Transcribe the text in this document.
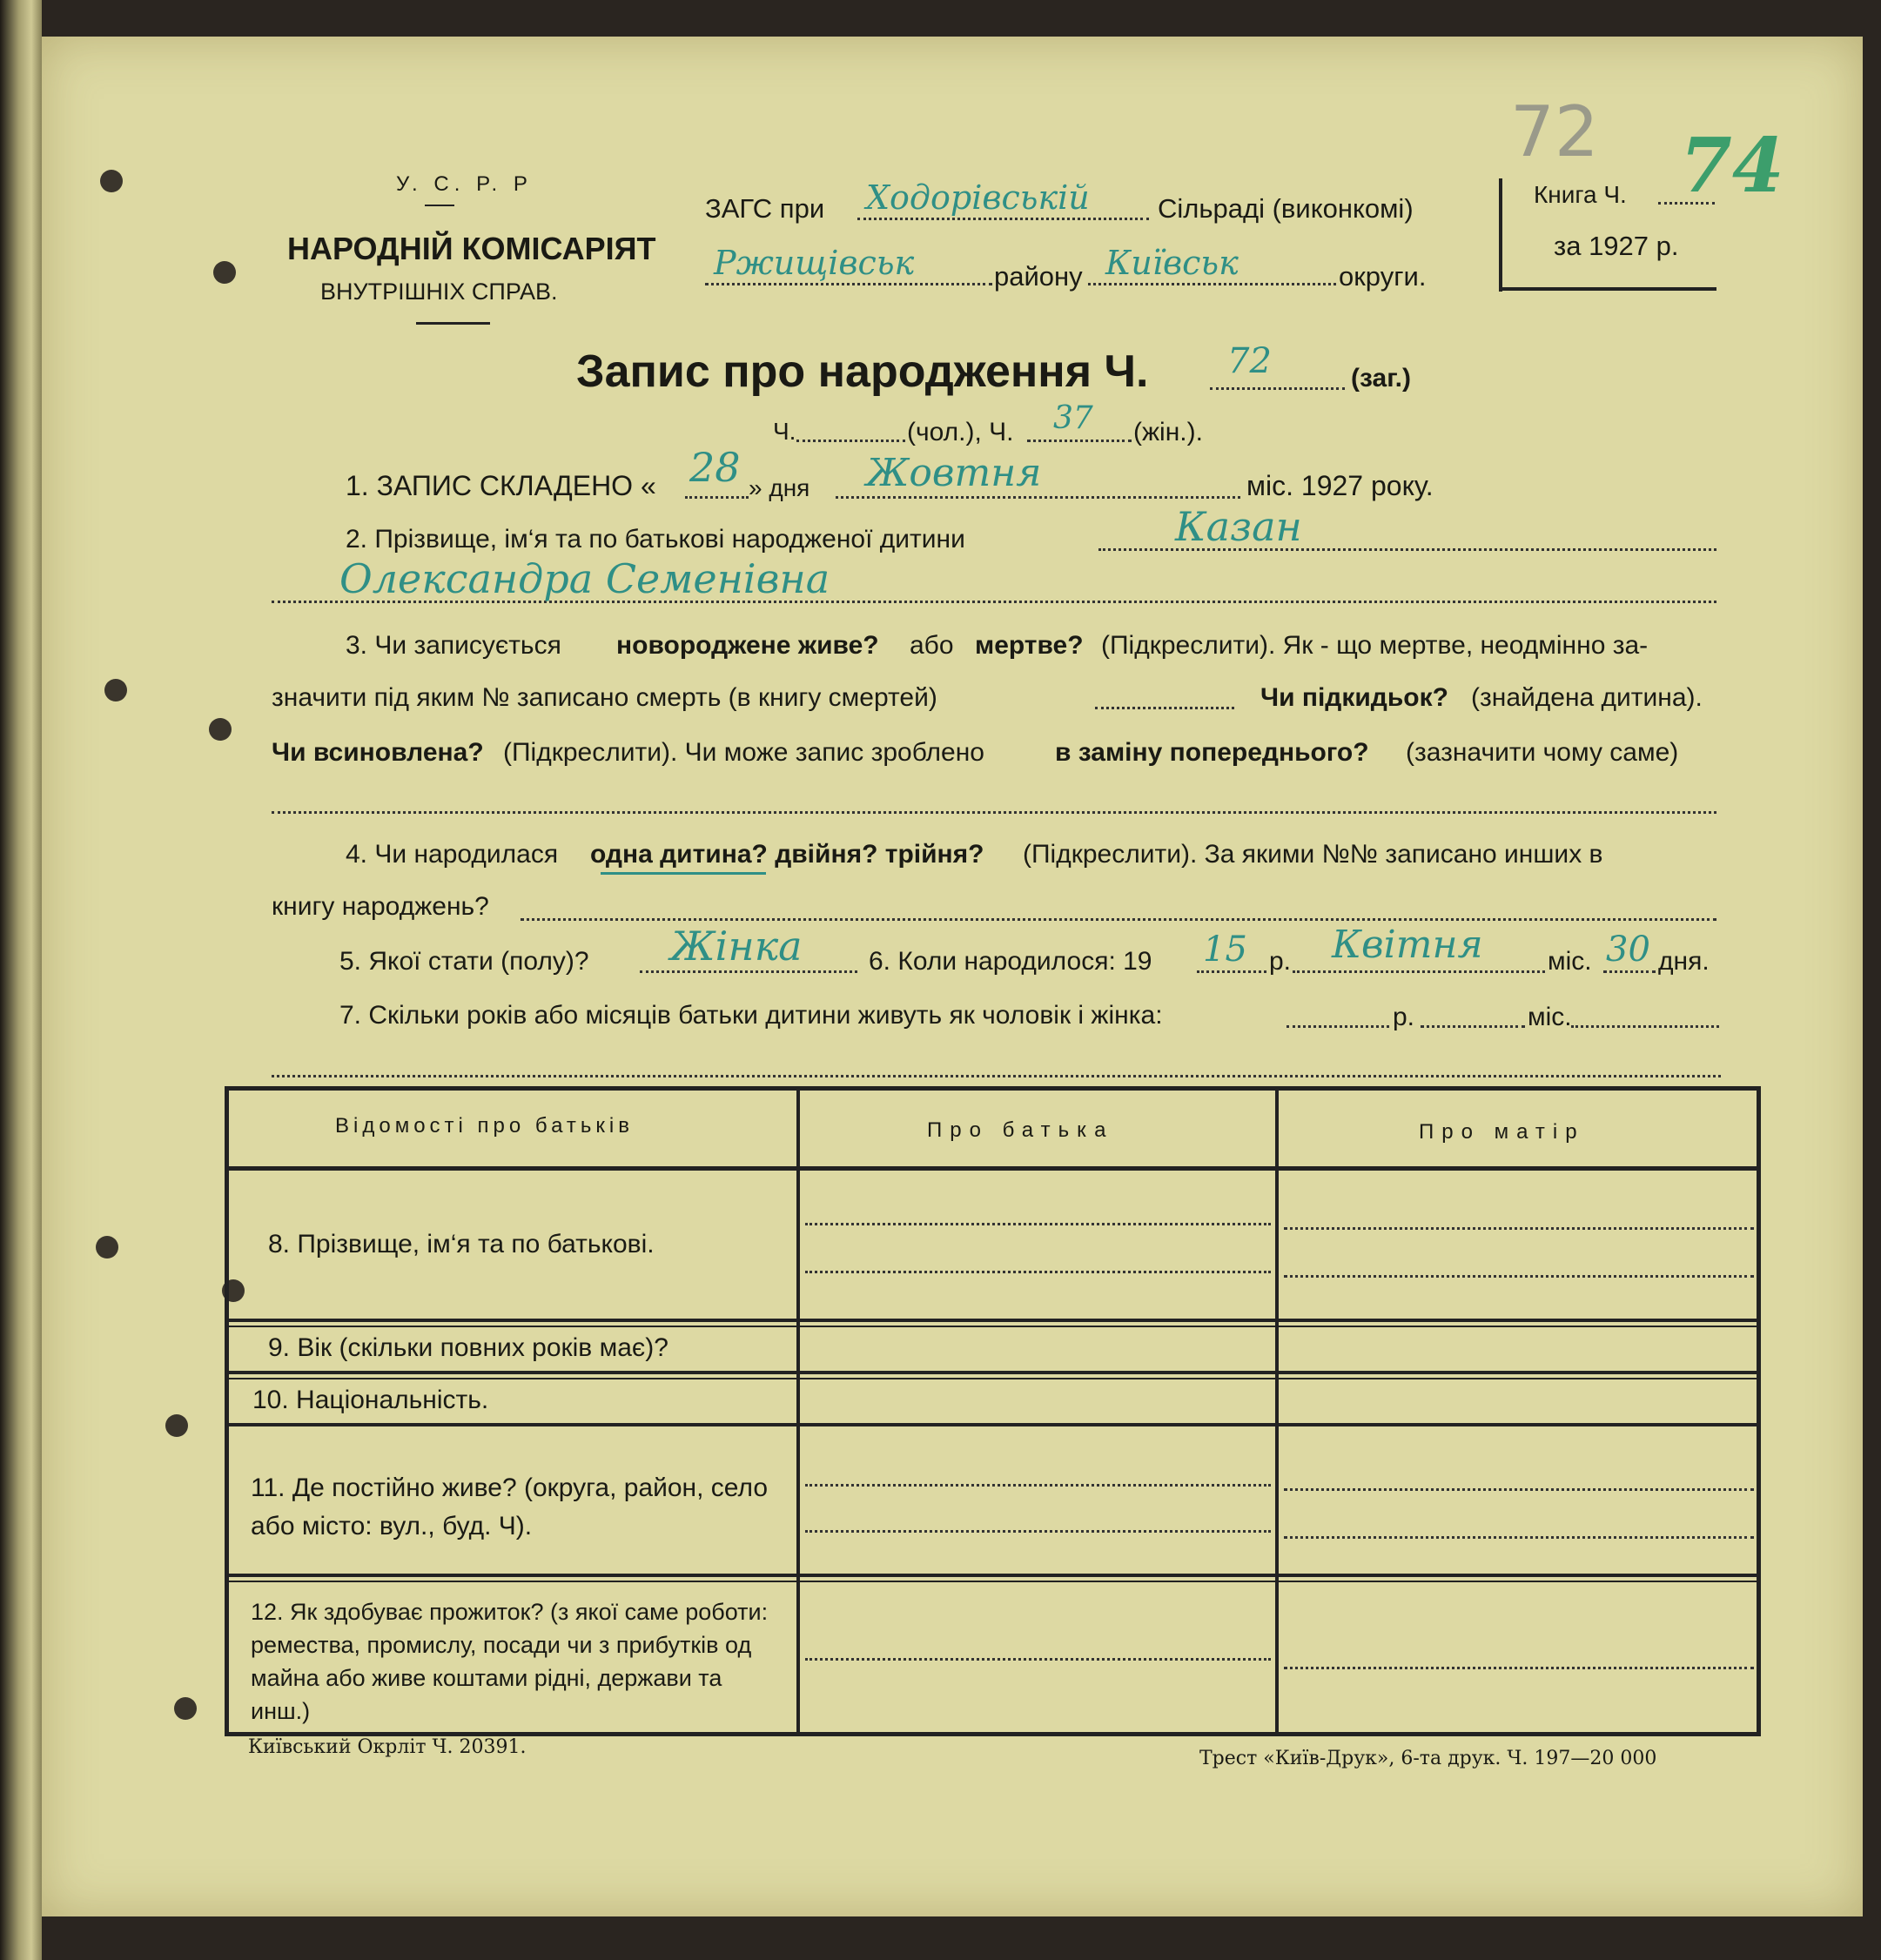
У. С. Р. Р
НАРОДНІЙ КОМІСАРІЯТ
ВНУТРІШНІХ СПРАВ.
ЗАГС при Ходорівській	Сільраді (виконкомі)
Ржищівськ	району Київськ	округи.
Книга Ч.
за 1927 р.
72 74
Запис про народження Ч. 72	(заг.)
Ч.	(чол.), Ч. 37 (жін.).
1. ЗАПИС СКЛАДЕНО « 28 » дня Жовтня	міс. 1927 року.
2. Прізвище, ім‘я та по батькові народженої дитини	Казан
Олександра Семенівна
3. Чи записується новороджене живе? або мертве? (Підкреслити). Як - що мертве, неодмінно за-
значити під яким № записано смерть (в книгу смертей)	Чи підкидьок? (знайдена дитина).
Чи всиновлена? (Підкреслити). Чи може запис зроблено	в заміну попереднього? (зазначити чому саме)
4. Чи народилася одна дитина? двійня? трійня? (Підкреслити). За якими №№ записано инших в
книгу народжень?
5. Якої стати (полу)? Жінка	6. Коли народилося: 19 15 р. Квітня міс. 30 дня.
7. Скільки років або місяців батьки дитини живуть як чоловік і жінка:	р.	міс.
Відомості про батьків	Про батька	Про матір
8. Прізвище, ім‘я та по батькові.
9. Вік (скільки повних років має)?
10. Національність.
11. Де постійно живе? (округа, район, село або місто: вул., буд. Ч).
12. Як здобуває прожиток? (з якої саме роботи: ремества, промислу, посади чи з прибутків од майна або живе коштами рідні, держави та инш.)
Київський Окрліт Ч. 20391.
Трест «Київ-Друк», 6-та друк. Ч. 197—20 000
